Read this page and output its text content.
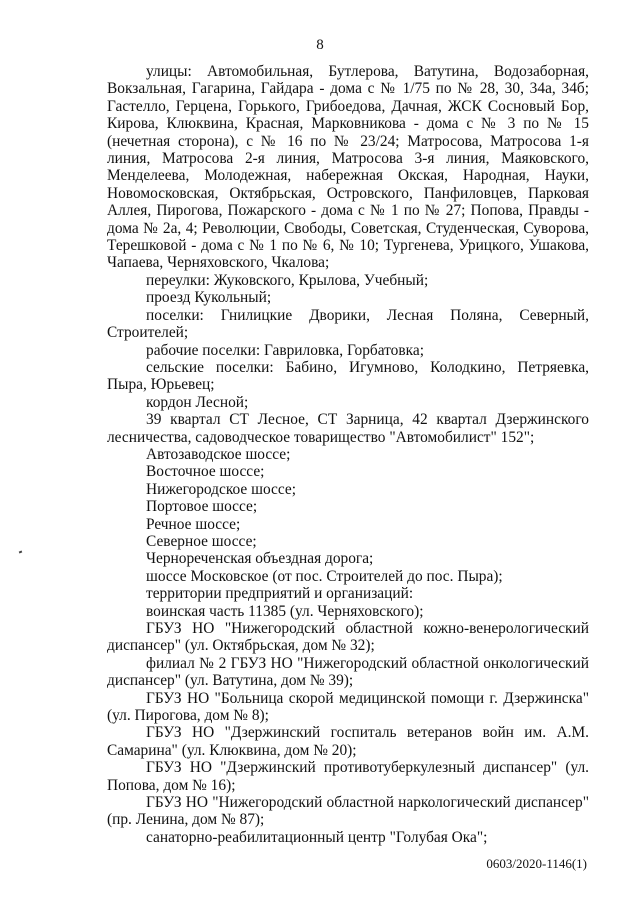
8

улицы: Автомобильная, Бутлерова, Ватутина, Водозаборная, Вокзальная, Гагарина, Гайдара - дома с № 1/75 по № 28, 30, 34а, 34б; Гастелло, Герцена, Горького, Грибоедова, Дачная, ЖСК Сосновый Бор, Кирова, Клюквина, Красная, Марковникова - дома с № 3 по № 15 (нечетная сторона), с № 16 по № 23/24; Матросова, Матросова 1-я линия, Матросова 2-я линия, Матросова 3-я линия, Маяковского, Менделеева, Молодежная, набережная Окская, Народная, Науки, Новомосковская, Октябрьская, Островского, Панфиловцев, Парковая Аллея, Пирогова, Пожарского - дома с № 1 по № 27; Попова, Правды - дома № 2а, 4; Революции, Свободы, Советская, Студенческая, Суворова, Терешковой - дома с № 1 по № 6, № 10; Тургенева, Урицкого, Ушакова, Чапаева, Черняховского, Чкалова;

переулки: Жуковского, Крылова, Учебный;

проезд Кукольный;

поселки: Гнилицкие Дворики, Лесная Поляна, Северный, Строителей;

рабочие поселки: Гавриловка, Горбатовка;

сельские поселки: Бабино, Игумново, Колодкино, Петряевка, Пыра, Юрьевец;

кордон Лесной;

39 квартал СТ Лесное, СТ Зарница, 42 квартал Дзержинского лесничества, садоводческое товарищество "Автомобилист" 152";

Автозаводское шоссе;

Восточное шоссе;

Нижегородское шоссе;

Портовое шоссе;

Речное шоссе;

Северное шоссе;

Чернореченская объездная дорога;

шоссе Московское (от пос. Строителей до пос. Пыра);

территории предприятий и организаций:

воинская часть 11385 (ул. Черняховского);

ГБУЗ НО "Нижегородский областной кожно-венерологический диспансер" (ул. Октябрьская, дом № 32);

филиал № 2 ГБУЗ НО "Нижегородский областной онкологический диспансер" (ул. Ватутина, дом № 39);

ГБУЗ НО "Больница скорой медицинской помощи г. Дзержинска" (ул. Пирогова, дом № 8);

ГБУЗ НО "Дзержинский госпиталь ветеранов войн им. А.М. Самарина" (ул. Клюквина, дом № 20);

ГБУЗ НО "Дзержинский противотуберкулезный диспансер" (ул. Попова, дом № 16);

ГБУЗ НО "Нижегородский областной наркологический диспансер" (пр. Ленина, дом № 87);

санаторно-реабилитационный центр "Голубая Ока";

0603/2020-1146(1)
